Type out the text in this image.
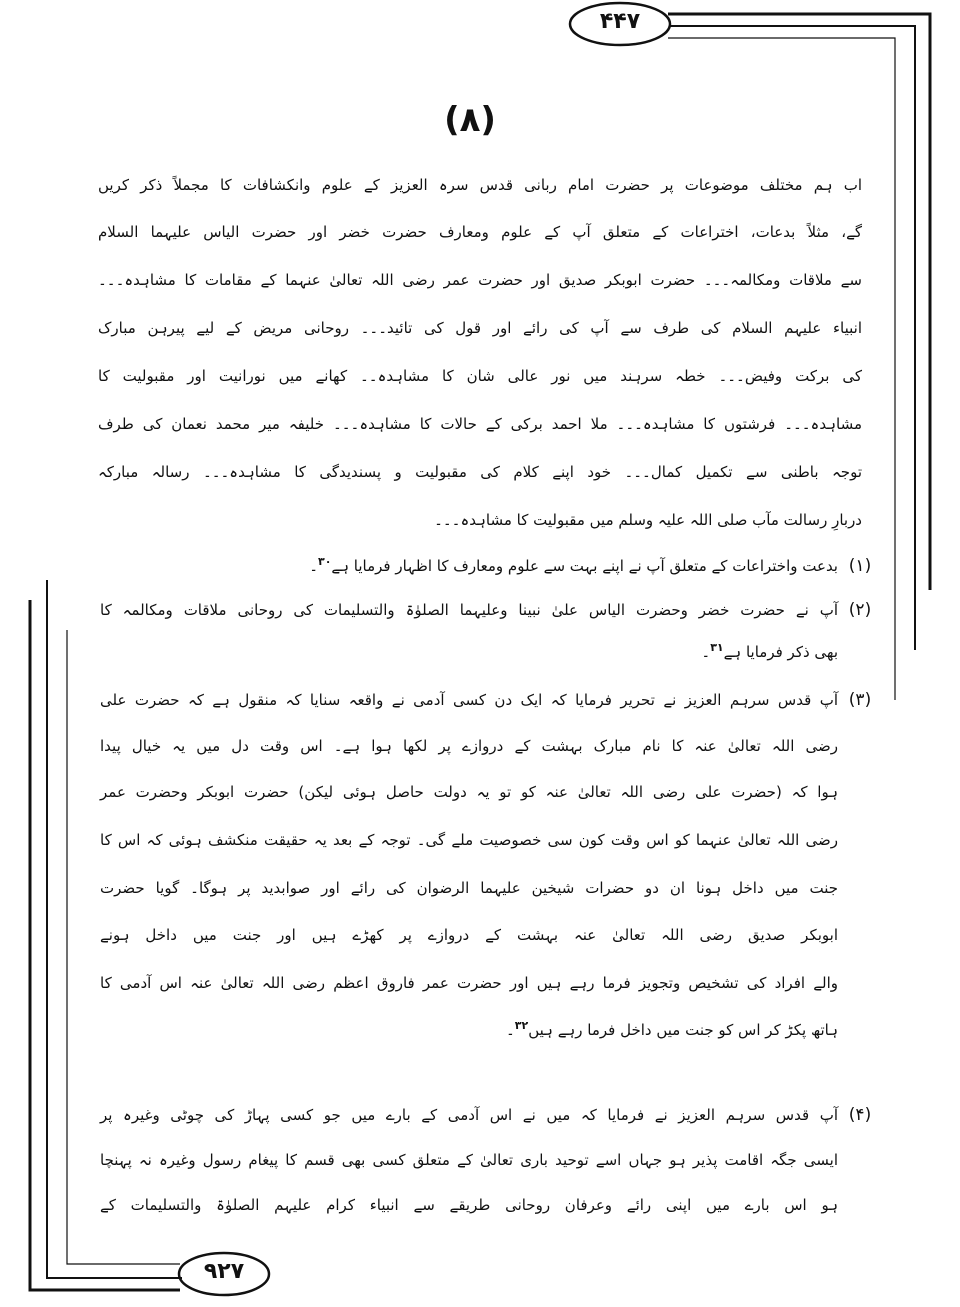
۴۴۷
۹۲۷
(۸)
اب ہم مختلف موضوعات پر حضرت امام ربانی قدس سرہ العزیز کے علوم وانکشافات کا مجملاً ذکر کریں
گے، مثلاً بدعات، اختراعات کے متعلق آپ کے علوم ومعارف حضرت خضر اور حضرت الیاس علیہما السلام
سے ملاقات ومکالمہ۔۔۔ حضرت ابوبکر صدیق اور حضرت عمر رضی اللہ تعالیٰ عنہما کے مقامات کا مشاہدہ۔۔۔
انبیاء علیہم السلام کی طرف سے آپ کی رائے اور قول کی تائید۔۔۔ روحانی مریض کے لیے پیرہن مبارک
کی برکت وفیض۔۔۔ خطہ سرہند میں نور عالی شان کا مشاہدہ۔۔ کھانے میں نورانیت اور مقبولیت کا
مشاہدہ۔۔۔ فرشتوں کا مشاہدہ۔۔۔ ملا احمد برکی کے حالات کا مشاہدہ۔۔۔ خلیفہ میر محمد نعمان کی طرف
توجہ باطنی سے تکمیل کمال۔۔۔ خود اپنے کلام کی مقبولیت و پسندیدگی کا مشاہدہ۔۔۔ رسالہ مبارکہ
دربارِ رسالت مآب صلی اللہ علیہ وسلم میں مقبولیت کا مشاہدہ۔۔۔
(۱)
بدعت واختراعات کے متعلق آپ نے اپنے بہت سے علوم ومعارف کا اظہار فرمایا ہے$^{۳۰}$۔
(۲)
آپ نے حضرت خضر وحضرت الیاس علیٰ نبینا وعلیہما الصلوٰۃ والتسلیمات کی روحانی ملاقات ومکالمہ کا
بھی ذکر فرمایا ہے$^{۳۱}$۔
(۳)
آپ قدس سرہم العزیز نے تحریر فرمایا کہ ایک دن کسی آدمی نے واقعہ سنایا کہ منقول ہے کہ حضرت علی
رضی اللہ تعالیٰ عنہ کا نام مبارک بہشت کے دروازے پر لکھا ہوا ہے۔ اس وقت دل میں یہ خیال پیدا
ہوا کہ (حضرت علی رضی اللہ تعالیٰ عنہ کو تو یہ دولت حاصل ہوئی لیکن) حضرت ابوبکر وحضرت عمر
رضی اللہ تعالیٰ عنہما کو اس وقت کون سی خصوصیت ملے گی۔ توجہ کے بعد یہ حقیقت منکشف ہوئی کہ اس کا
جنت میں داخل ہونا ان دو حضرات شیخین علیہما الرضوان کی رائے اور صوابدید پر ہوگا۔ گویا حضرت
ابوبکر صدیق رضی اللہ تعالیٰ عنہ بہشت کے دروازے پر کھڑے ہیں اور جنت میں داخل ہونے
والے افراد کی تشخیص وتجویز فرما رہے ہیں اور حضرت عمر فاروق اعظم رضی اللہ تعالیٰ عنہ اس آدمی کا
ہاتھ پکڑ کر اس کو جنت میں داخل فرما رہے ہیں$^{۳۲}$۔
(۴)
آپ قدس سرہم العزیز نے فرمایا کہ میں نے اس آدمی کے بارے میں جو کسی پہاڑ کی چوٹی وغیرہ پر
ایسی جگہ اقامت پذیر ہو جہاں اسے توحید باری تعالیٰ کے متعلق کسی بھی قسم کا پیغام رسول وغیرہ نہ پہنچا
ہو اس بارے میں اپنی رائے وعرفان روحانی طریقے سے انبیاء کرام علیہم الصلوٰۃ والتسلیمات کے
